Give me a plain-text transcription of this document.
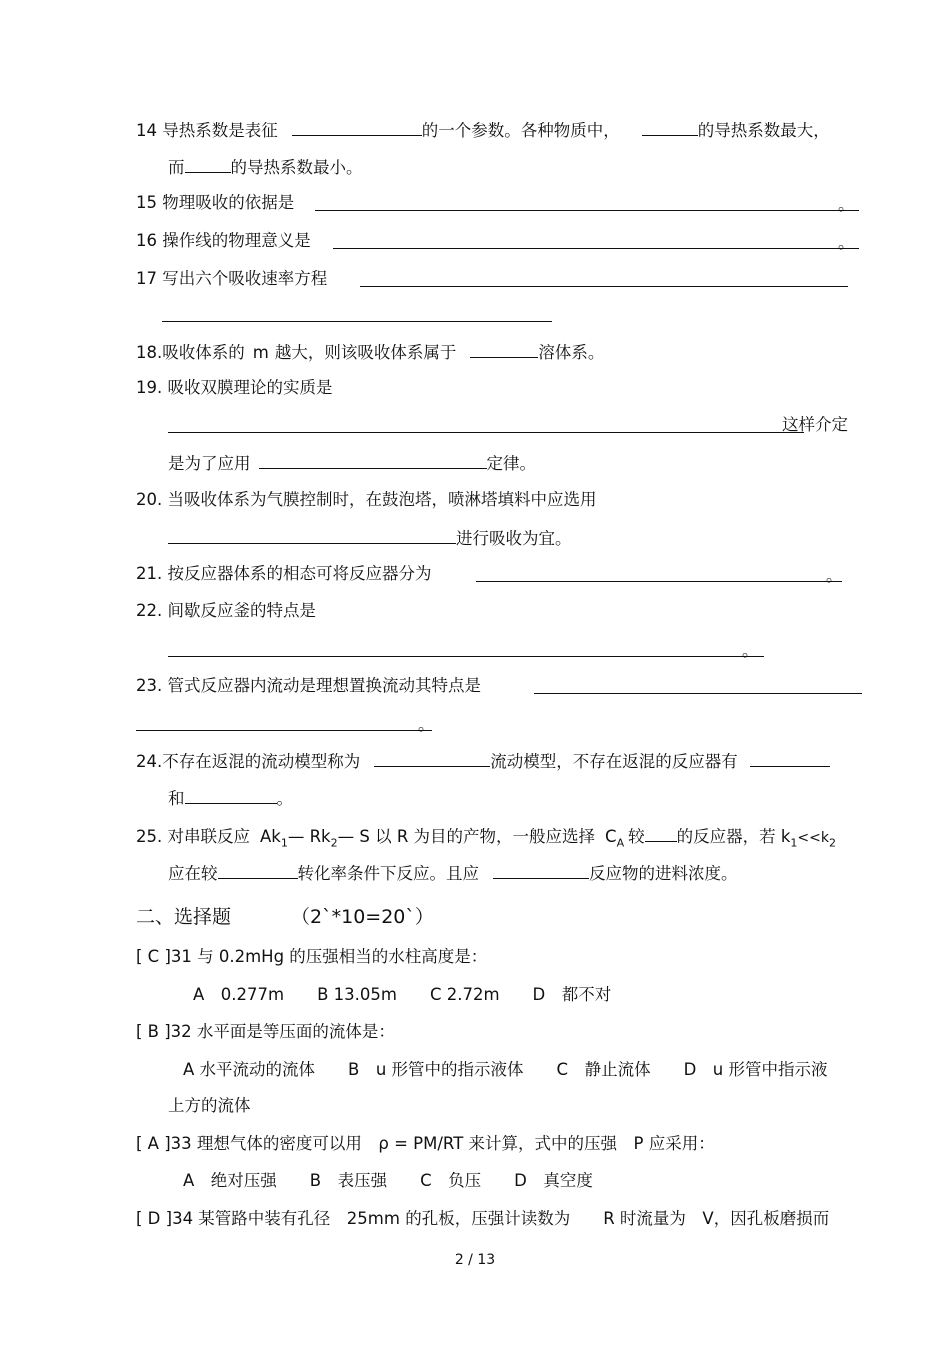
14 导热系数是表征	的一个参数。各种物质中，	的导热系数最大，
而	的导热系数最小。
15 物理吸收的依据是	。
16 操作线的物理意义是	。
17 写出六个吸收速率方程
18.吸收体系的 m 越大，则该吸收体系属于	溶体系。
19. 吸收双膜理论的实质是
这样介定
是为了应用	定律。
20. 当吸收体系为气膜控制时，在鼓泡塔，喷淋塔填料中应选用
进行吸收为宜。
21. 按反应器体系的相态可将反应器分为	。
22. 间歇反应釜的特点是
。
23. 管式反应器内流动是理想置换流动其特点是
。
24.不存在返混的流动模型称为	流动模型，不存在返混的反应器有
和	。
25. 对串联反应 $Ak_1—$ $Rk_2—$ S 以 R 为目的产物，一般应选择 $C_A$ 较 的反应器，若 $k_1<<k_2$
应在较	转化率条件下反应。且应	反应物的进料浓度。
二、选择题	（2`*10=20`）
[ C ]31 与 0.2mHg 的压强相当的水柱高度是：
A　0.277m　　B 13.05m　　C 2.72m　　D　都不对
[ B ]32 水平面是等压面的流体是：
A 水平流动的流体　　B　u 形管中的指示液体　　C　静止流体　　D　u 形管中指示液
上方的流体
[ A ]33 理想气体的密度可以用　ρ = PM/RT 来计算，式中的压强　P 应采用：
A　绝对压强　　B　表压强　　C　负压　　D　真空度
[ D ]34 某管路中装有孔径　25mm 的孔板，压强计读数为　　R 时流量为　V，因孔板磨损而
2 / 13
